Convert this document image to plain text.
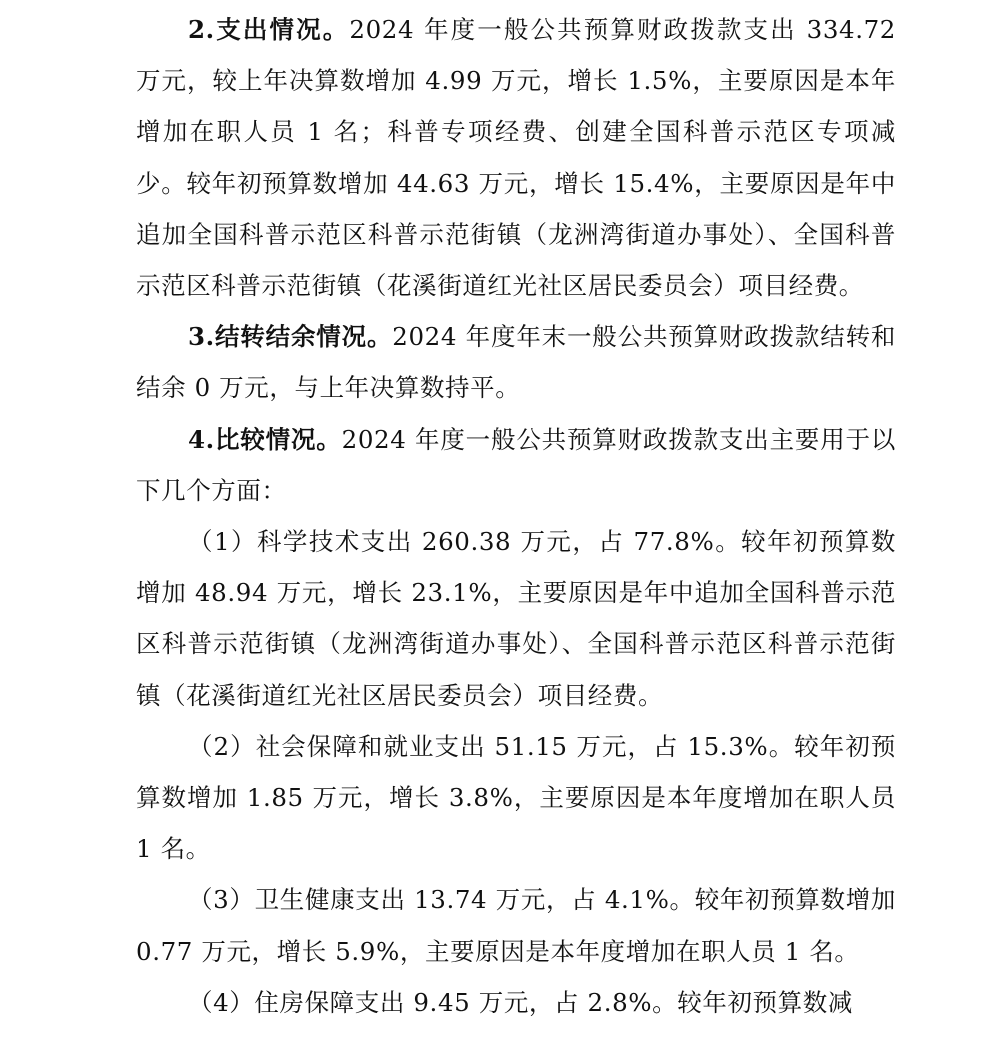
2.支出情况。2024 年度一般公共预算财政拨款支出 334.72 万元，较上年决算数增加 4.99 万元，增长 1.5%，主要原因是本年增加在职人员 1 名；科普专项经费、创建全国科普示范区专项减少。较年初预算数增加 44.63 万元，增长 15.4%，主要原因是年中追加全国科普示范区科普示范街镇（龙洲湾街道办事处）、全国科普示范区科普示范街镇（花溪街道红光社区居民委员会）项目经费。

3.结转结余情况。2024 年度年末一般公共预算财政拨款结转和结余 0 万元，与上年决算数持平。

4.比较情况。2024 年度一般公共预算财政拨款支出主要用于以下几个方面：

（1）科学技术支出 260.38 万元，占 77.8%。较年初预算数增加 48.94 万元，增长 23.1%，主要原因是年中追加全国科普示范区科普示范街镇（龙洲湾街道办事处）、全国科普示范区科普示范街镇（花溪街道红光社区居民委员会）项目经费。

（2）社会保障和就业支出 51.15 万元，占 15.3%。较年初预算数增加 1.85 万元，增长 3.8%，主要原因是本年度增加在职人员 1 名。

（3）卫生健康支出 13.74 万元，占 4.1%。较年初预算数增加 0.77 万元，增长 5.9%，主要原因是本年度增加在职人员 1 名。

（4）住房保障支出 9.45 万元，占 2.8%。较年初预算数减
